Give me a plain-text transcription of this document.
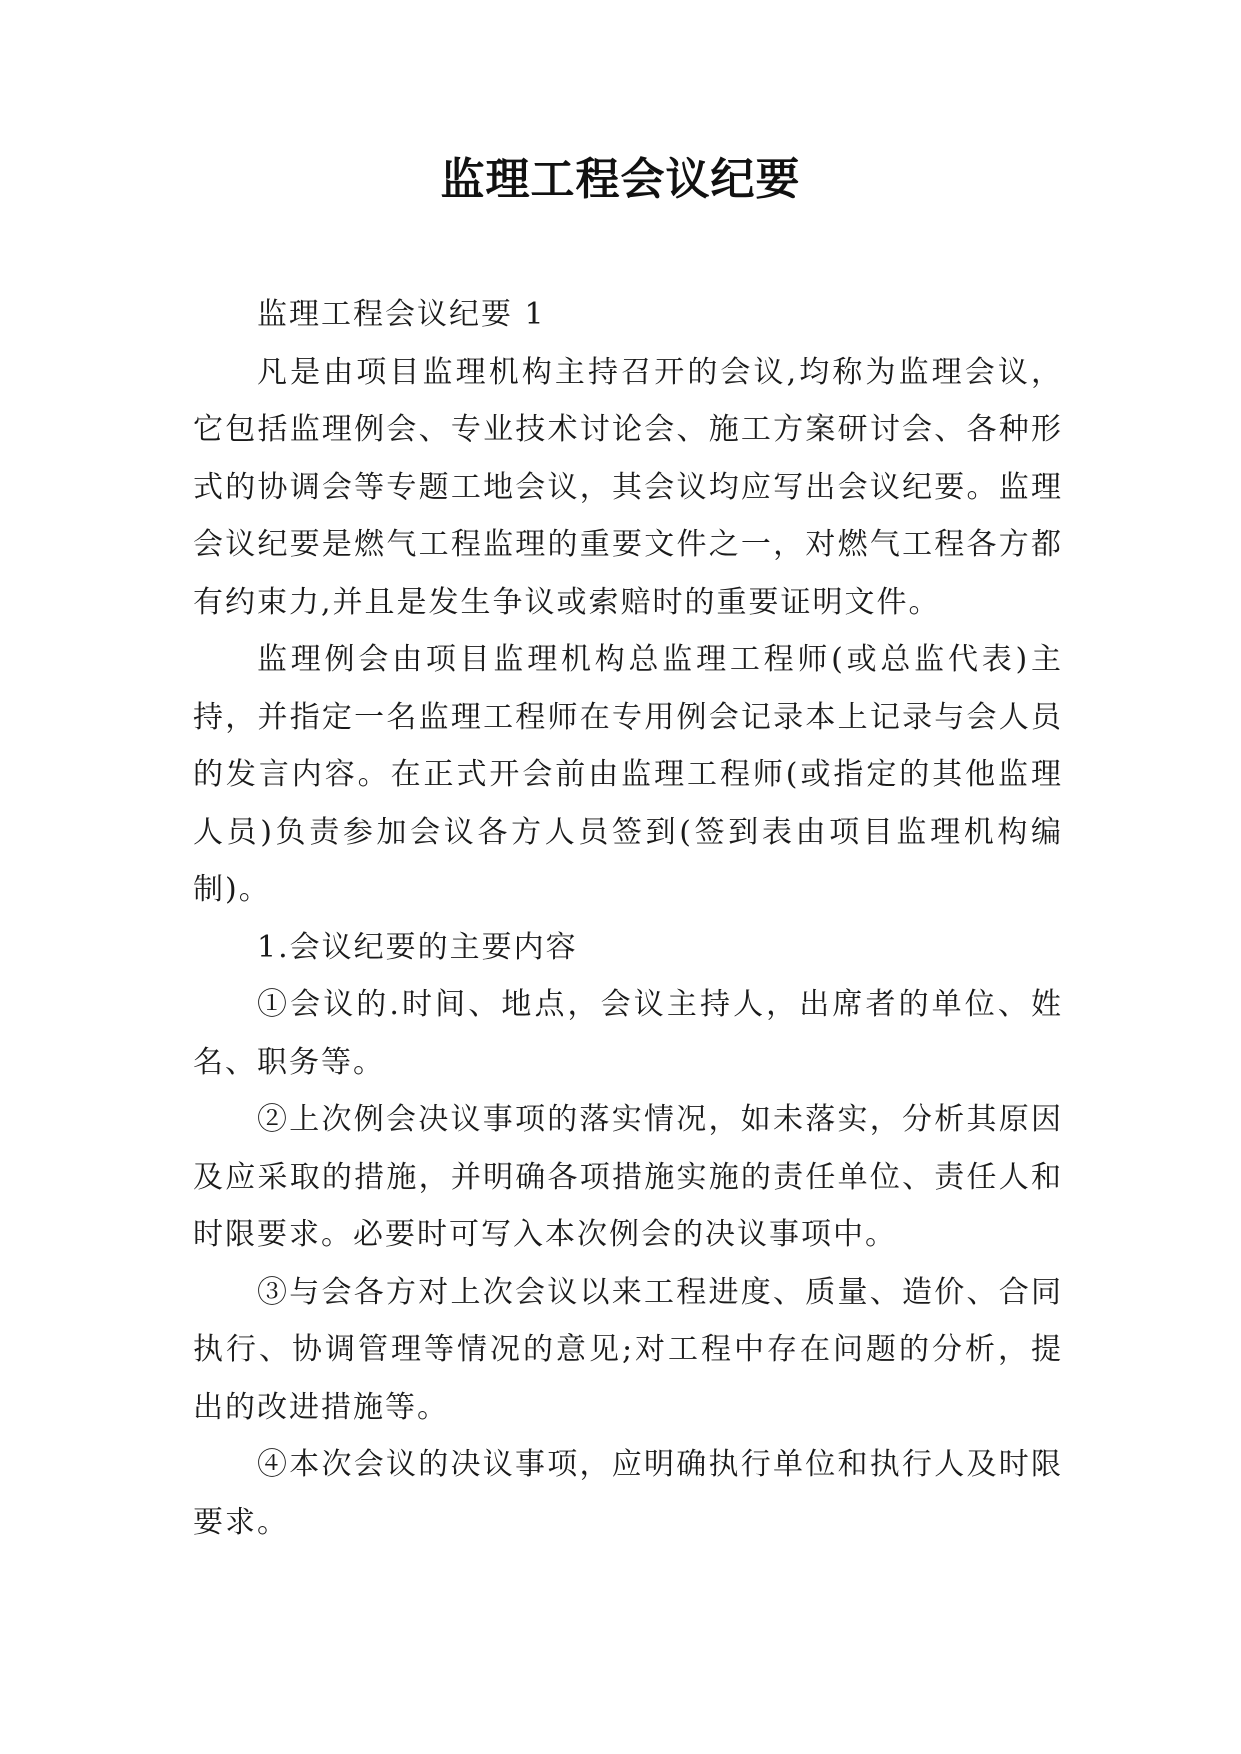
监理工程会议纪要

监理工程会议纪要 1

凡是由项目监理机构主持召开的会议,均称为监理会议，它包括监理例会、专业技术讨论会、施工方案研讨会、各种形式的协调会等专题工地会议，其会议均应写出会议纪要。监理会议纪要是燃气工程监理的重要文件之一，对燃气工程各方都有约束力,并且是发生争议或索赔时的重要证明文件。

监理例会由项目监理机构总监理工程师(或总监代表)主持，并指定一名监理工程师在专用例会记录本上记录与会人员的发言内容。在正式开会前由监理工程师(或指定的其他监理人员)负责参加会议各方人员签到(签到表由项目监理机构编制)。

1.会议纪要的主要内容

①会议的.时间、地点，会议主持人，出席者的单位、姓名、职务等。

②上次例会决议事项的落实情况，如未落实，分析其原因及应采取的措施，并明确各项措施实施的责任单位、责任人和时限要求。必要时可写入本次例会的决议事项中。

③与会各方对上次会议以来工程进度、质量、造价、合同执行、协调管理等情况的意见;对工程中存在问题的分析，提出的改进措施等。

④本次会议的决议事项，应明确执行单位和执行人及时限要求。
